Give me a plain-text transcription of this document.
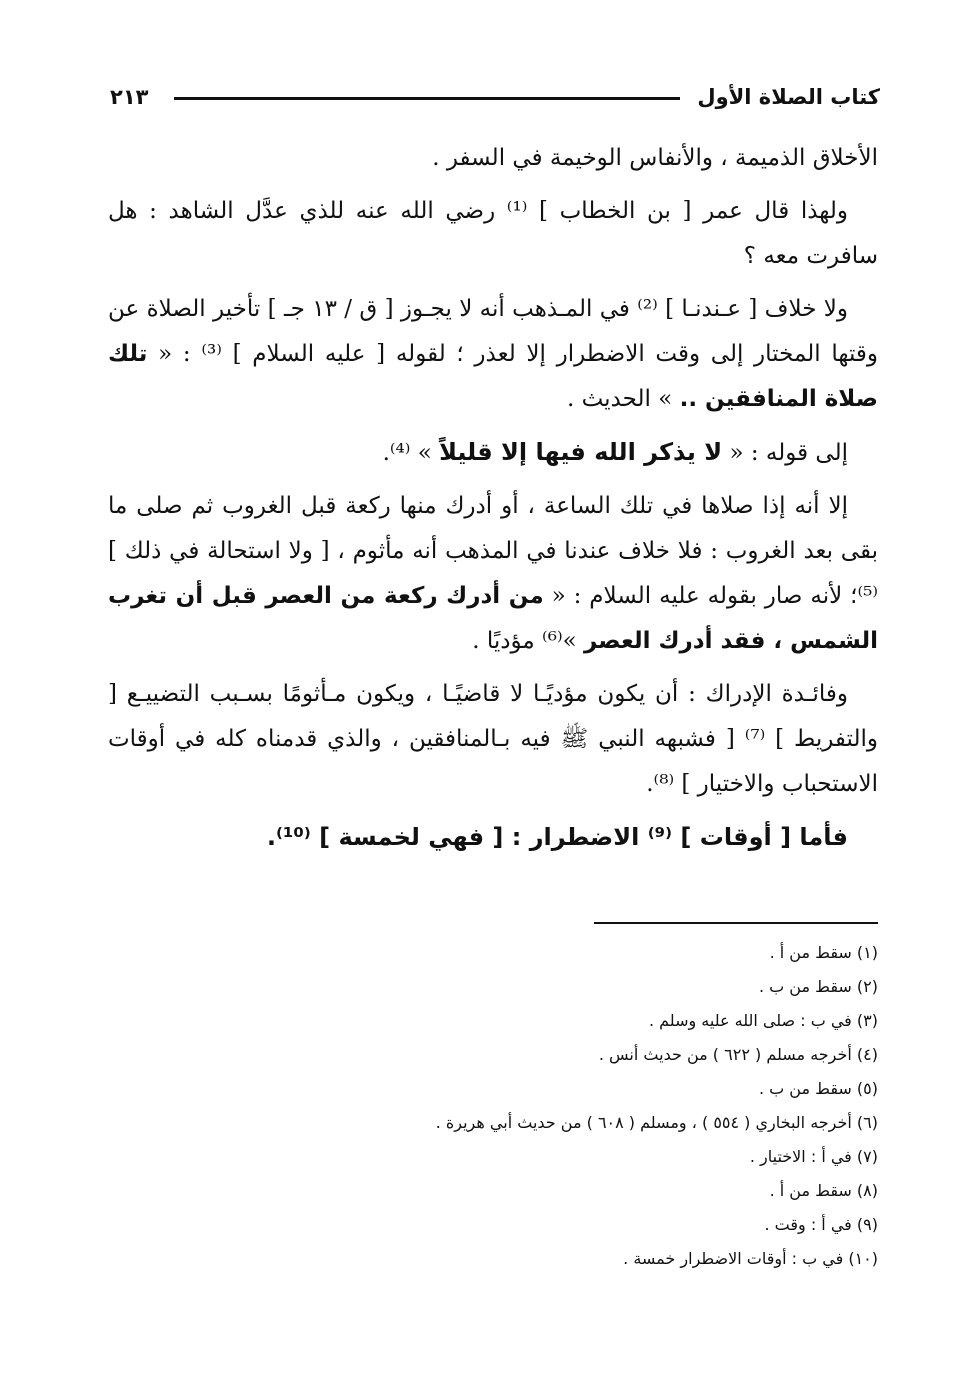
كتاب الصلاة الأول
٢١٣

الأخلاق الذميمة ، والأنفاس الوخيمة في السفر .

ولهذا قال عمر [ بن الخطاب ] ⁽¹⁾ رضي الله عنه للذي عدَّل الشاهد : هل سافرت معه ؟

ولا خلاف [ عـندنـا ] ⁽²⁾ في المـذهب أنه لا يجـوز [ ق / ١٣ جـ ] تأخير الصلاة عن وقتها المختار إلى وقت الاضطرار إلا لعذر ؛ لقوله [ عليه السلام ] ⁽³⁾ : « تلك صلاة المنافقين .. » الحديث .

إلى قوله : « لا يذكر الله فيها إلا قليلاً » ⁽⁴⁾.

إلا أنه إذا صلاها في تلك الساعة ، أو أدرك منها ركعة قبل الغروب ثم صلى ما بقى بعد الغروب : فلا خلاف عندنا في المذهب أنه مأثوم ، [ ولا استحالة في ذلك ] ⁽⁵⁾؛ لأنه صار بقوله عليه السلام : « من أدرك ركعة من العصر قبل أن تغرب الشمس ، فقد أدرك العصر »⁽⁶⁾ مؤديًا .

وفائـدة الإدراك : أن يكون مؤديًـا لا قاضيًـا ، ويكون مـأثومًا بسـبب التضييـع [ والتفريط ] ⁽⁷⁾ [ فشبهه النبي ﷺ فيه بـالمنافقين ، والذي قدمناه كله في أوقات الاستحباب والاختيار ] ⁽⁸⁾.

فأما [ أوقات ] ⁽⁹⁾ الاضطرار : [ فهي لخمسة ] ⁽¹⁰⁾.

(١) سقط من أ .
(٢) سقط من ب .
(٣) في ب : صلى الله عليه وسلم .
(٤) أخرجه مسلم ( ٦٢٢ ) من حديث أنس .
(٥) سقط من ب .
(٦) أخرجه البخاري ( ٥٥٤ ) ، ومسلم ( ٦٠٨ ) من حديث أبي هريرة .
(٧) في أ : الاختيار .
(٨) سقط من أ .
(٩) في أ : وقت .
(١٠) في ب : أوقات الاضطرار خمسة .
